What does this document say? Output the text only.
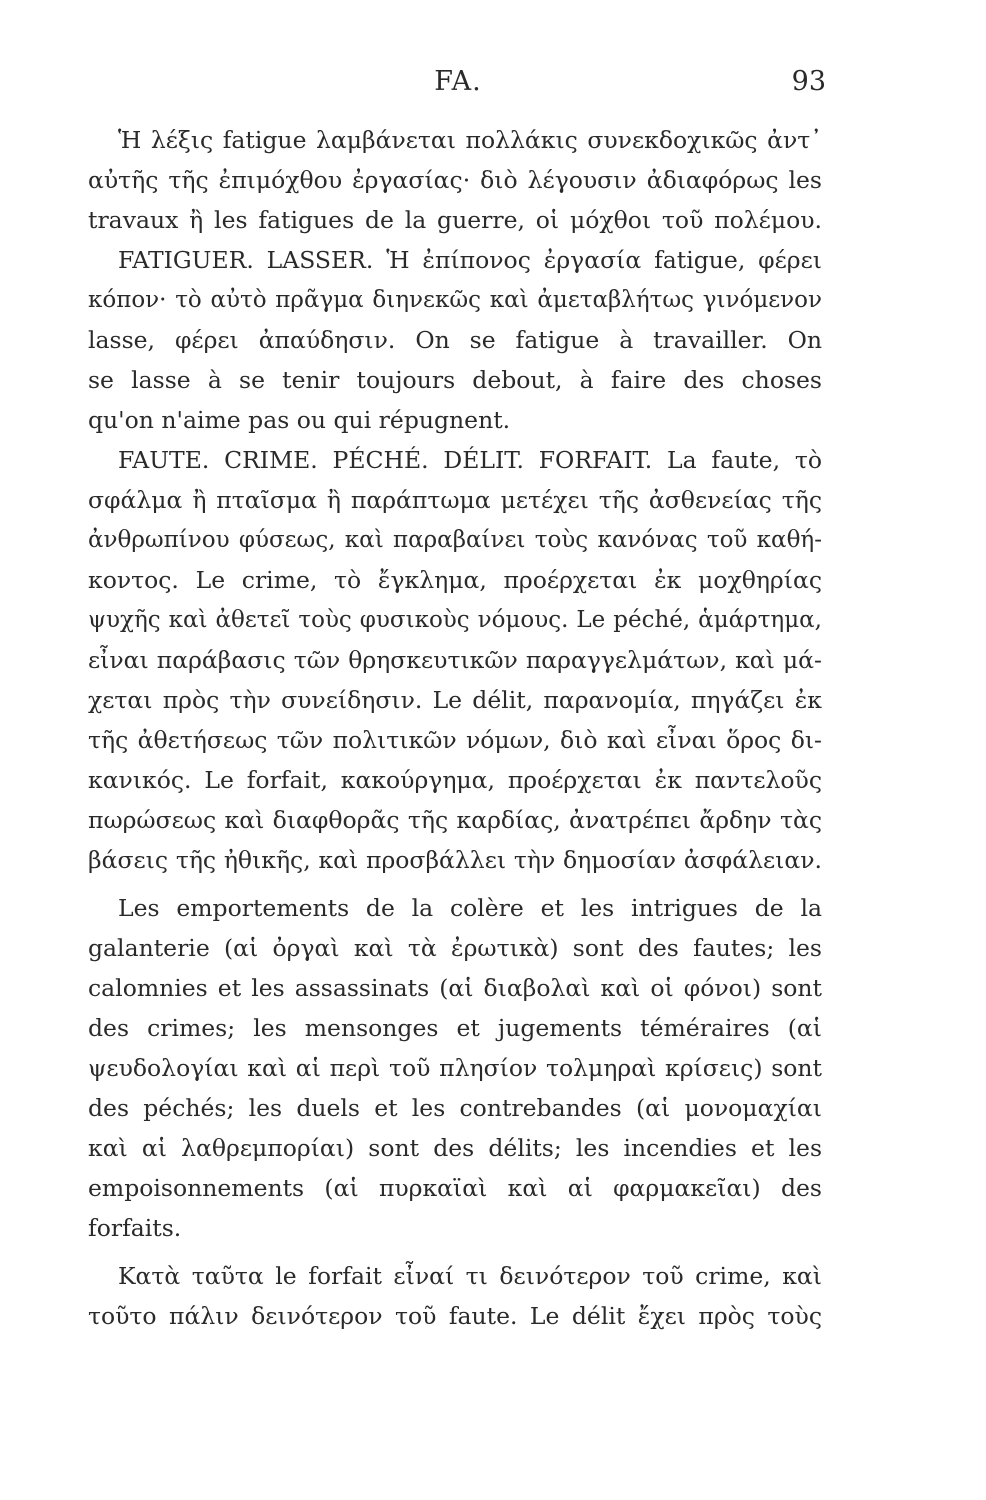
FA.	93
Ἡ λέξις fatigue λαμβάνεται πολλάκις συνεκδοχικῶς ἀντ᾽
αὐτῆς τῆς ἐπιμόχθου ἐργασίας· διὸ λέγουσιν ἀδιαφόρως les
travaux ἢ les fatigues de la guerre, οἱ μόχθοι τοῦ πολέμου.
FATIGUER. LASSER. Ἡ ἐπίπονος ἐργασία fatigue, φέρει
κόπον· τὸ αὐτὸ πρᾶγμα διηνεκῶς καὶ ἀμεταβλήτως γινόμενον
lasse, φέρει ἀπαύδησιν. On se fatigue à travailler. On
se lasse à se tenir toujours debout, à faire des choses
qu'on n'aime pas ou qui répugnent.
FAUTE. CRIME. PÉCHÉ. DÉLIT. FORFAIT. La faute, τὸ
σφάλμα ἢ πταῖσμα ἢ παράπτωμα μετέχει τῆς ἀσθενείας τῆς
ἀνθρωπίνου φύσεως, καὶ παραβαίνει τοὺς κανόνας τοῦ καθή-
κοντος. Le crime, τὸ ἔγκλημα, προέρχεται ἐκ μοχθηρίας
ψυχῆς καὶ ἀθετεῖ τοὺς φυσικοὺς νόμους. Le péché, ἁμάρτημα,
εἶναι παράβασις τῶν θρησκευτικῶν παραγγελμάτων, καὶ μά-
χεται πρὸς τὴν συνείδησιν. Le délit, παρανομία, πηγάζει ἐκ
τῆς ἀθετήσεως τῶν πολιτικῶν νόμων, διὸ καὶ εἶναι ὅρος δι-
κανικός. Le forfait, κακούργημα, προέρχεται ἐκ παντελοῦς
πωρώσεως καὶ διαφθορᾶς τῆς καρδίας, ἀνατρέπει ἄρδην τὰς
βάσεις τῆς ἠθικῆς, καὶ προσβάλλει τὴν δημοσίαν ἀσφάλειαν.
Les emportements de la colère et les intrigues de la
galanterie (αἱ ὀργαὶ καὶ τὰ ἐρωτικὰ) sont des fautes; les
calomnies et les assassinats (αἱ διαβολαὶ καὶ οἱ φόνοι) sont
des crimes; les mensonges et jugements téméraires (αἱ
ψευδολογίαι καὶ αἱ περὶ τοῦ πλησίον τολμηραὶ κρίσεις) sont
des péchés; les duels et les contrebandes (αἱ μονομαχίαι
καὶ αἱ λαθρεμπορίαι) sont des délits; les incendies et les
empoisonnements (αἱ πυρκαϊαὶ καὶ αἱ φαρμακεῖαι) des
forfaits.
Κατὰ ταῦτα le forfait εἶναί τι δεινότερον τοῦ crime, καὶ
τοῦτο πάλιν δεινότερον τοῦ faute. Le délit ἔχει πρὸς τοὺς
